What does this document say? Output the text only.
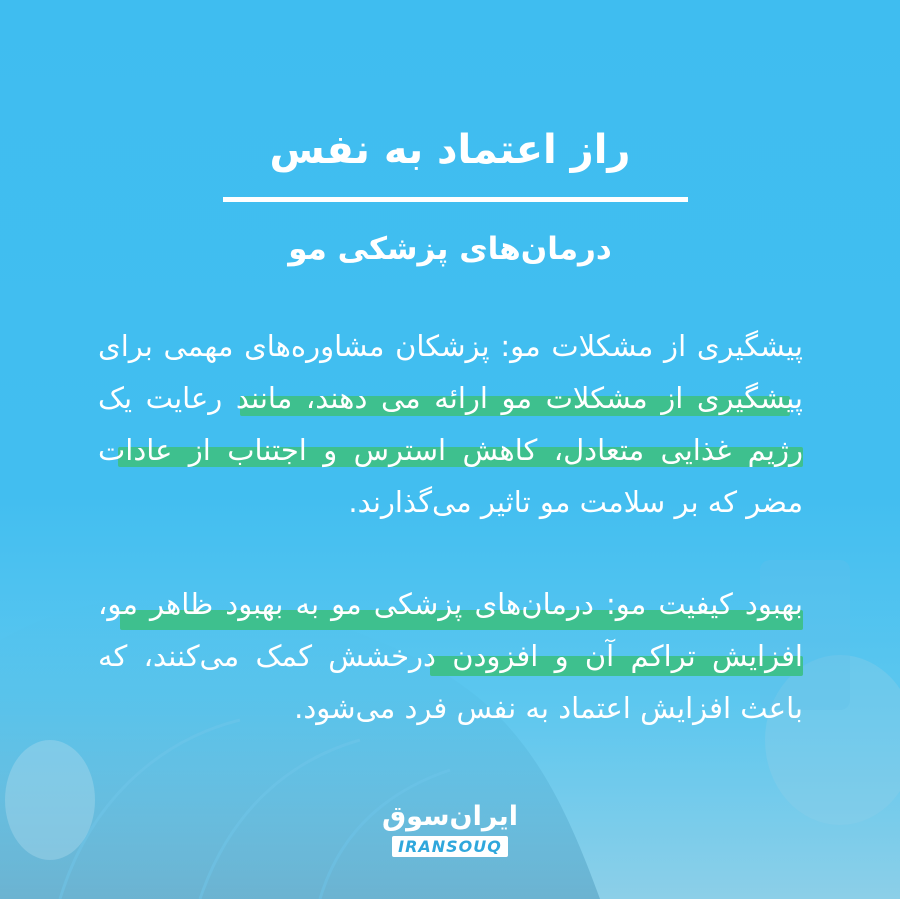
راز اعتماد به نفس
درمان‌های پزشکی مو
پیشگیری از مشکلات مو: پزشکان مشاوره‌های مهمی برای پیشگیری از مشکلات مو ارائه می دهند، مانند رعایت یک رژیم غذایی متعادل، کاهش استرس و اجتناب از عادات مضر که بر سلامت مو تاثیر می‌گذارند.
بهبود کیفیت مو: درمان‌های پزشکی مو به بهبود ظاهر مو، افزایش تراکم آن و افزودن درخشش کمک می‌کنند، که باعث افزایش اعتماد به نفس فرد می‌شود.
ایران‌سوق
IRANSOUQ
